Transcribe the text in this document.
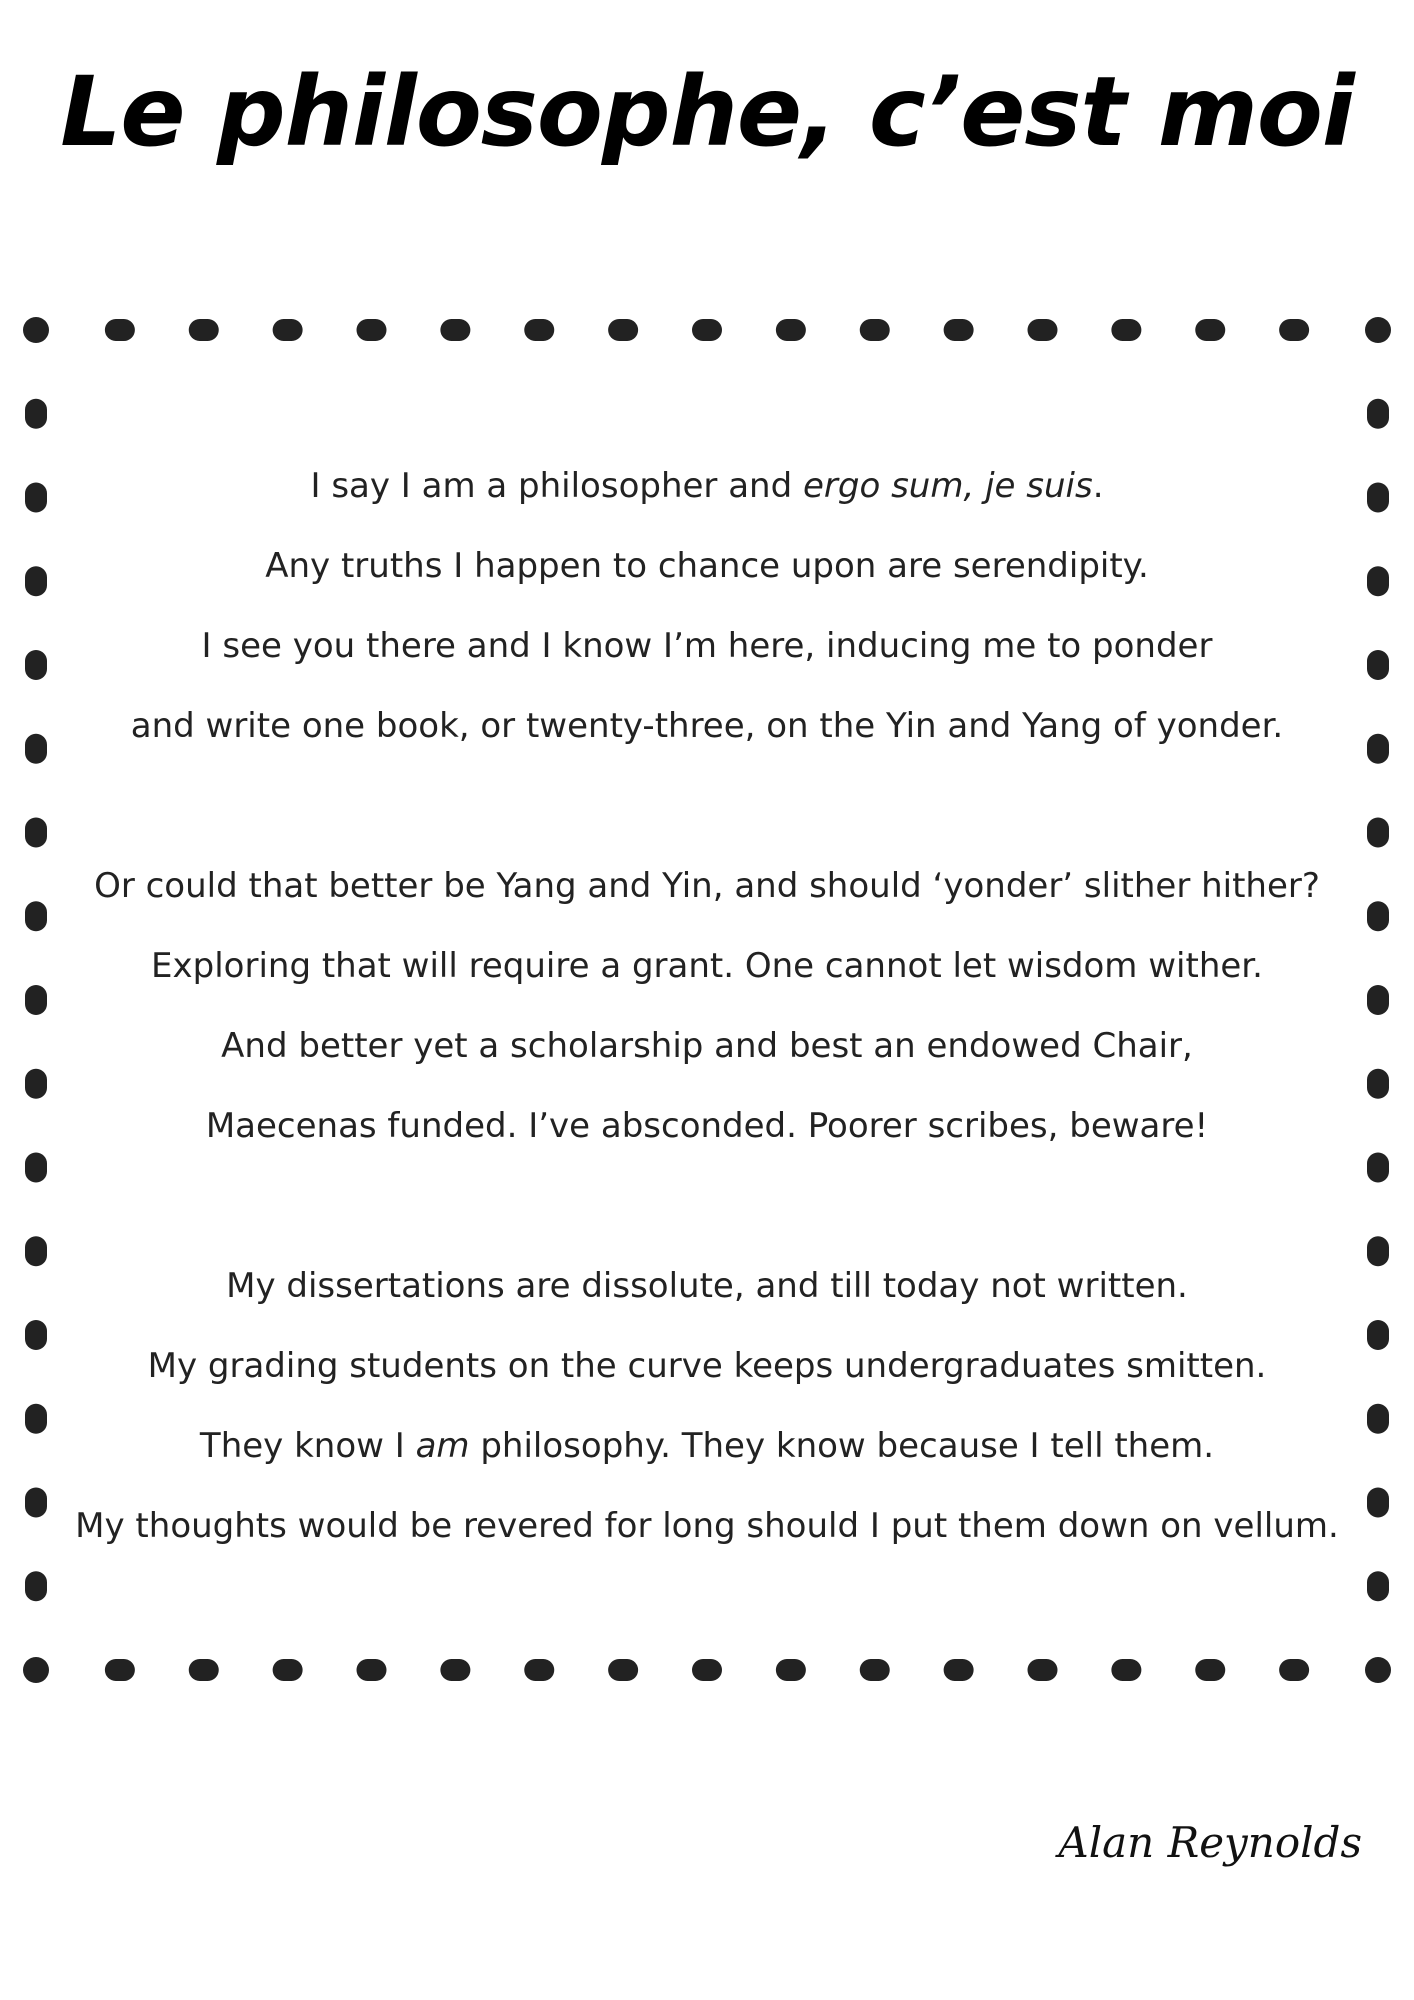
Le philosophe, c’est moi
I say I am a philosopher and ergo sum, je suis.
Any truths I happen to chance upon are serendipity.
I see you there and I know I’m here, inducing me to ponder
and write one book, or twenty-three, on the Yin and Yang of yonder.
Or could that better be Yang and Yin, and should ‘yonder’ slither hither?
Exploring that will require a grant. One cannot let wisdom wither.
And better yet a scholarship and best an endowed Chair,
Maecenas funded. I’ve absconded. Poorer scribes, beware!
My dissertations are dissolute, and till today not written.
My grading students on the curve keeps undergraduates smitten.
They know I am philosophy. They know because I tell them.
My thoughts would be revered for long should I put them down on vellum.
Alan Reynolds
